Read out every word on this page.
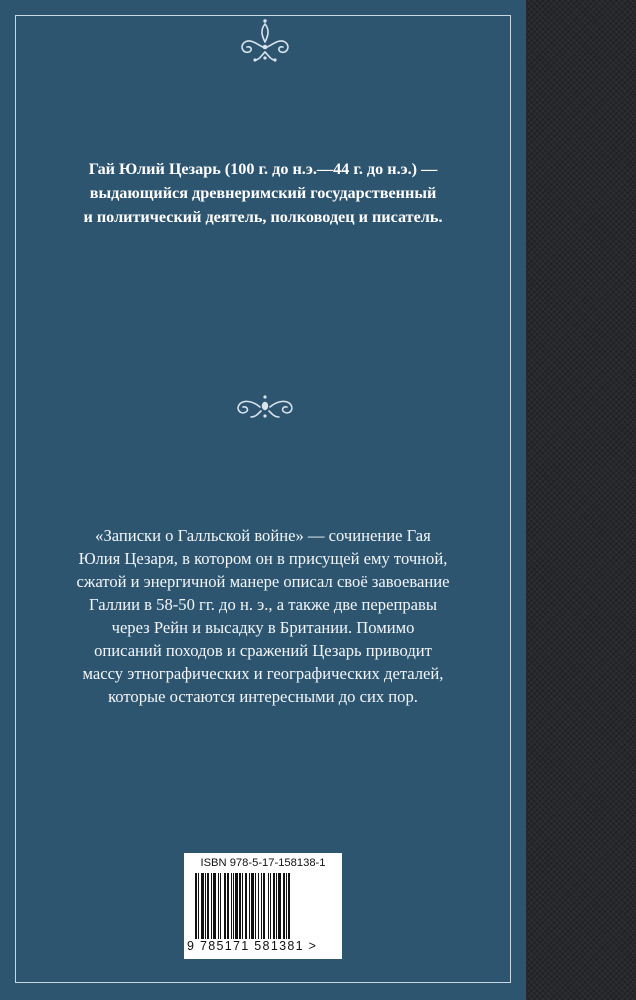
Гай Юлий Цезарь (100 г. до н.э.—44 г. до н.э.) —
выдающийся древнеримский государственный
и политический деятель, полководец и писатель.
«Записки о Галльской войне» — сочинение Гая
Юлия Цезаря, в котором он в присущей ему точной,
сжатой и энергичной манере описал своё завоевание
Галлии в 58-50 гг. до н. э., а также две переправы
через Рейн и высадку в Британии. Помимо
описаний походов и сражений Цезарь приводит
массу этнографических и географических деталей,
которые остаются интересными до сих пор.
ISBN 978-5-17-158138-1
9 785171 581381 >
